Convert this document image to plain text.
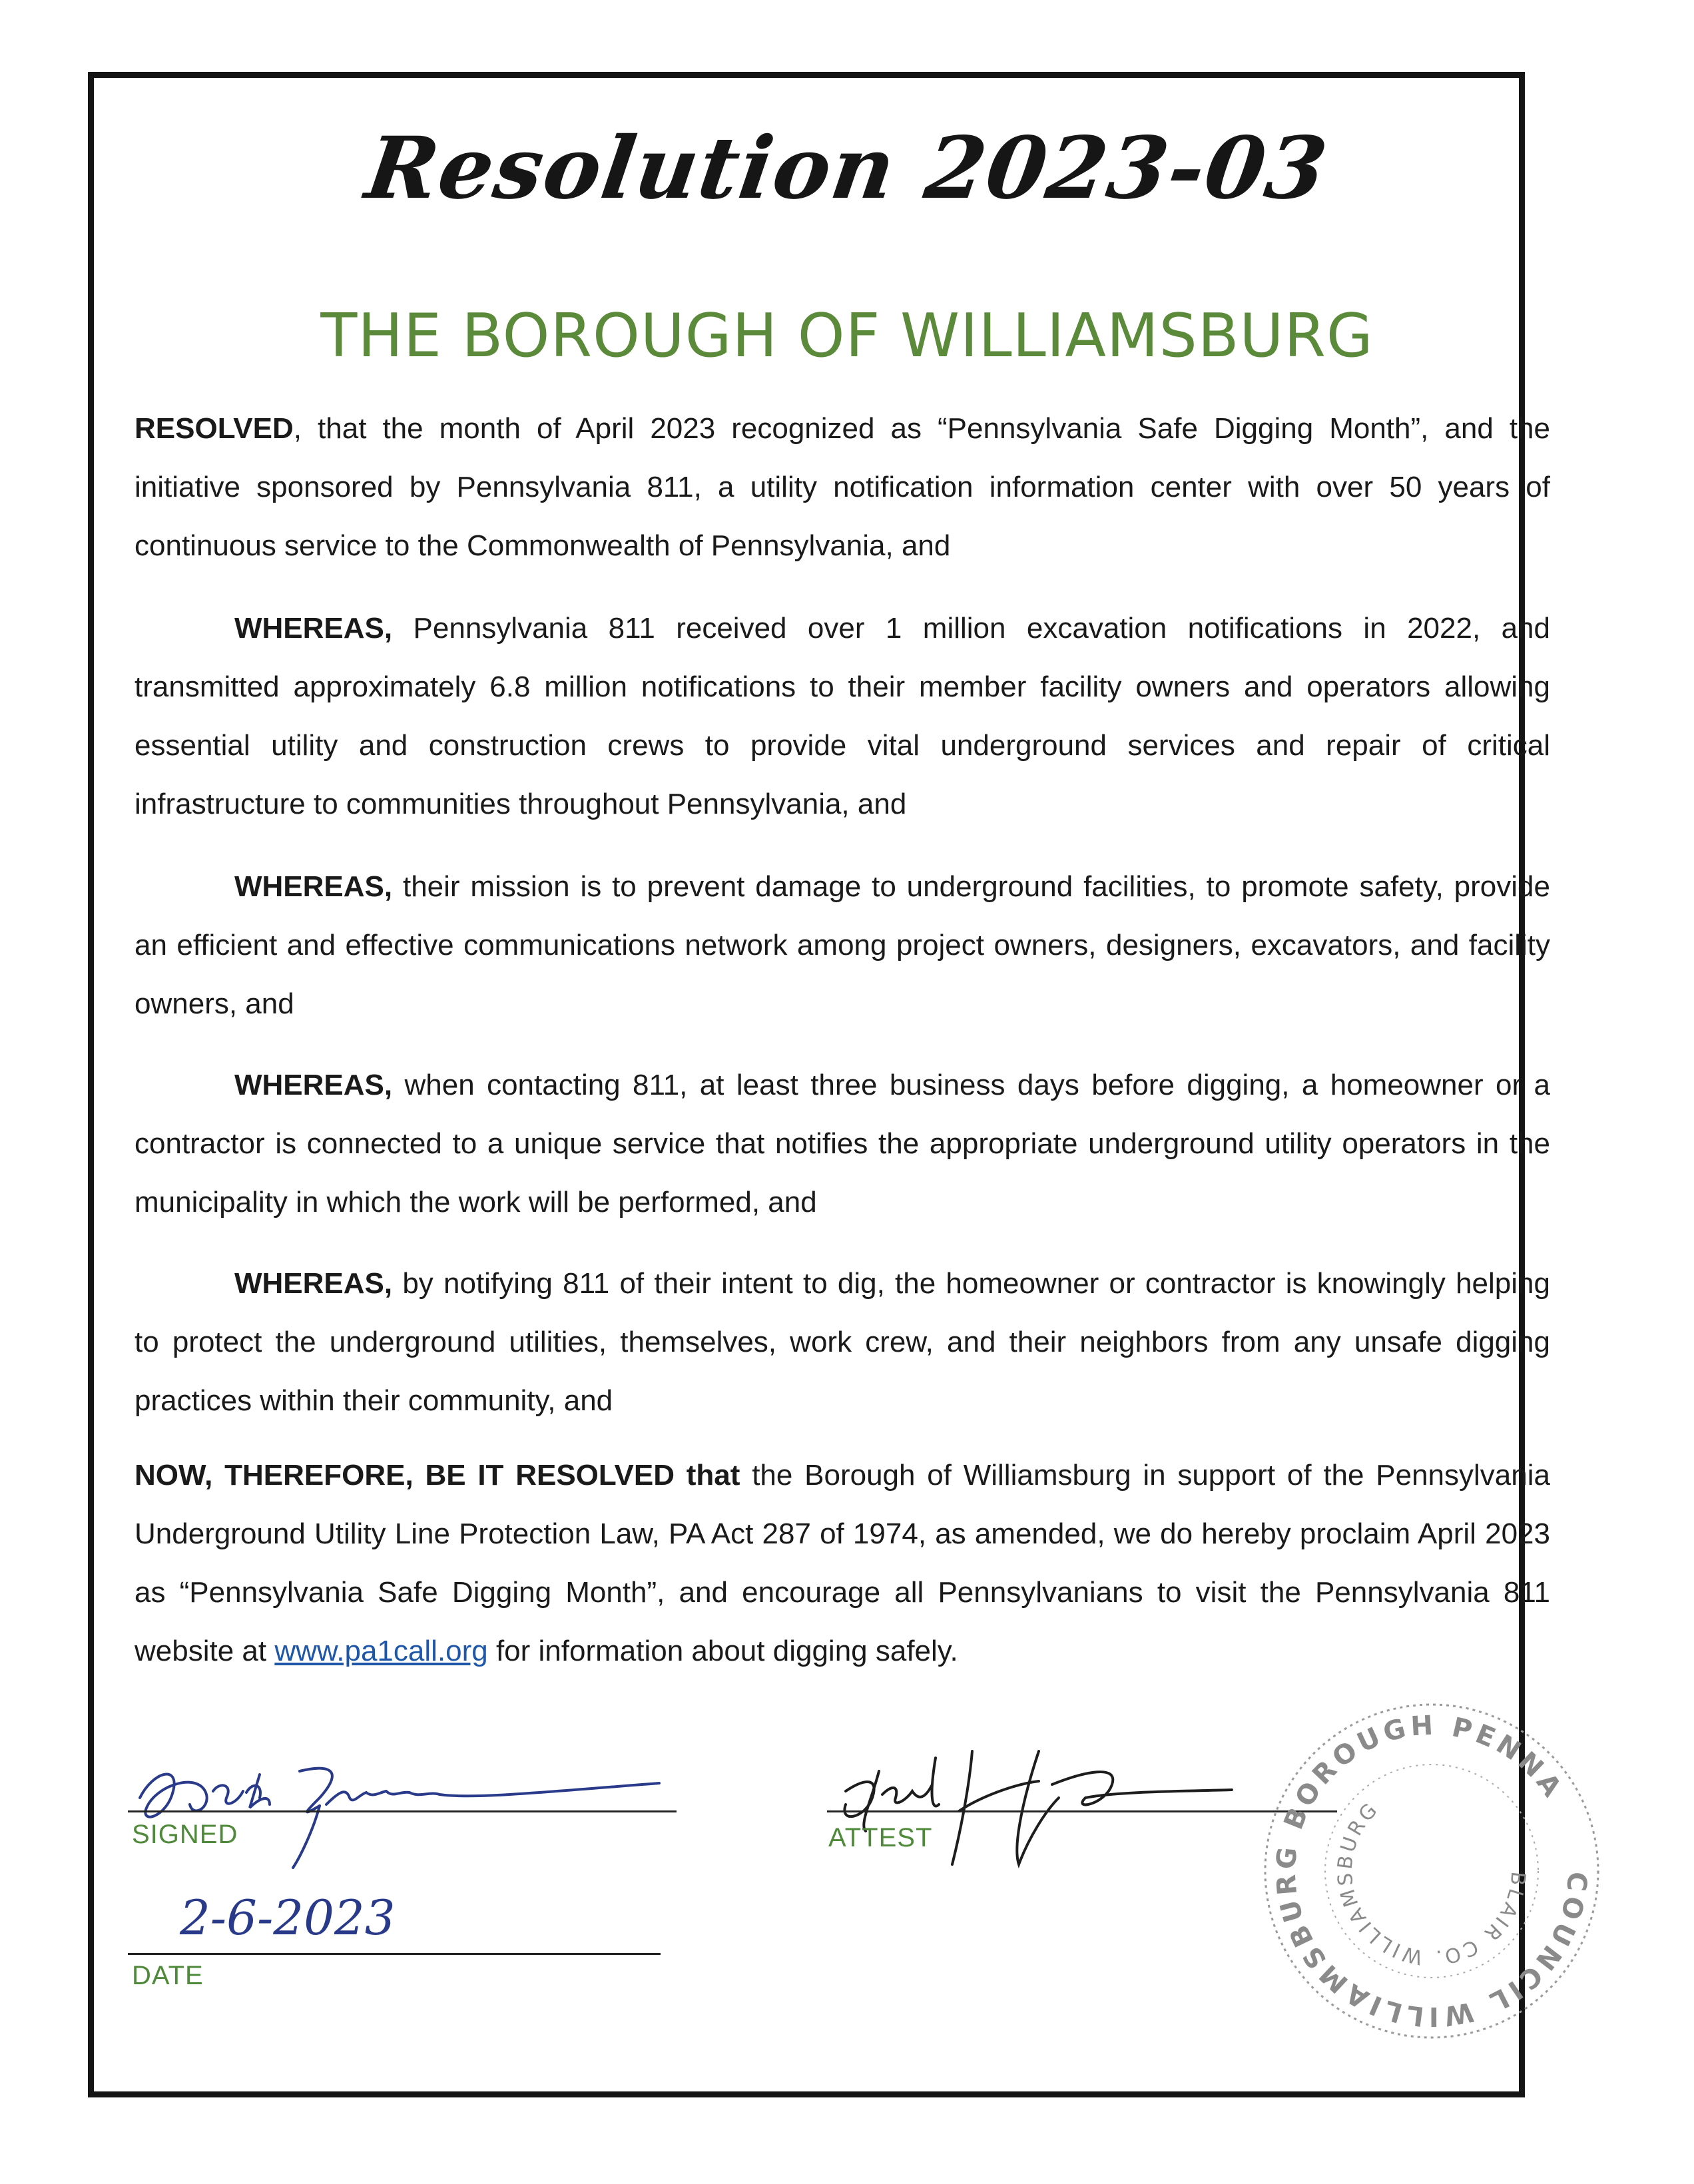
Resolution 2023-03
THE BOROUGH OF WILLIAMSBURG
RESOLVED, that the month of April 2023 recognized as “Pennsylvania Safe Digging Month”, and the initiative sponsored by Pennsylvania 811, a utility notification information center with over 50 years of continuous service to the Commonwealth of Pennsylvania, and
WHEREAS, Pennsylvania 811 received over 1 million excavation notifications in 2022, and transmitted approximately 6.8 million notifications to their member facility owners and operators allowing essential utility and construction crews to provide vital underground services and repair of critical infrastructure to communities throughout Pennsylvania, and
WHEREAS, their mission is to prevent damage to underground facilities, to promote safety, provide an efficient and effective communications network among project owners, designers, excavators, and facility owners, and
WHEREAS, when contacting 811, at least three business days before digging, a homeowner or a contractor is connected to a unique service that notifies the appropriate underground utility operators in the municipality in which the work will be performed, and
WHEREAS, by notifying 811 of their intent to dig, the homeowner or contractor is knowingly helping to protect the underground utilities, themselves, work crew, and their neighbors from any unsafe digging practices within their community, and
NOW, THEREFORE, BE IT RESOLVED that the Borough of Williamsburg in support of the Pennsylvania Underground Utility Line Protection Law, PA Act 287 of 1974, as amended, we do hereby proclaim April 2023 as “Pennsylvania Safe Digging Month”, and encourage all Pennsylvanians to visit the Pennsylvania 811 website at www.pa1call.org for information about digging safely.
SIGNED	ATTEST
2-6-2023
DATE
COUNCIL WILLIAMSBURG BOROUGH PENNA
BLAIR CO. WILLIAMSBURG
